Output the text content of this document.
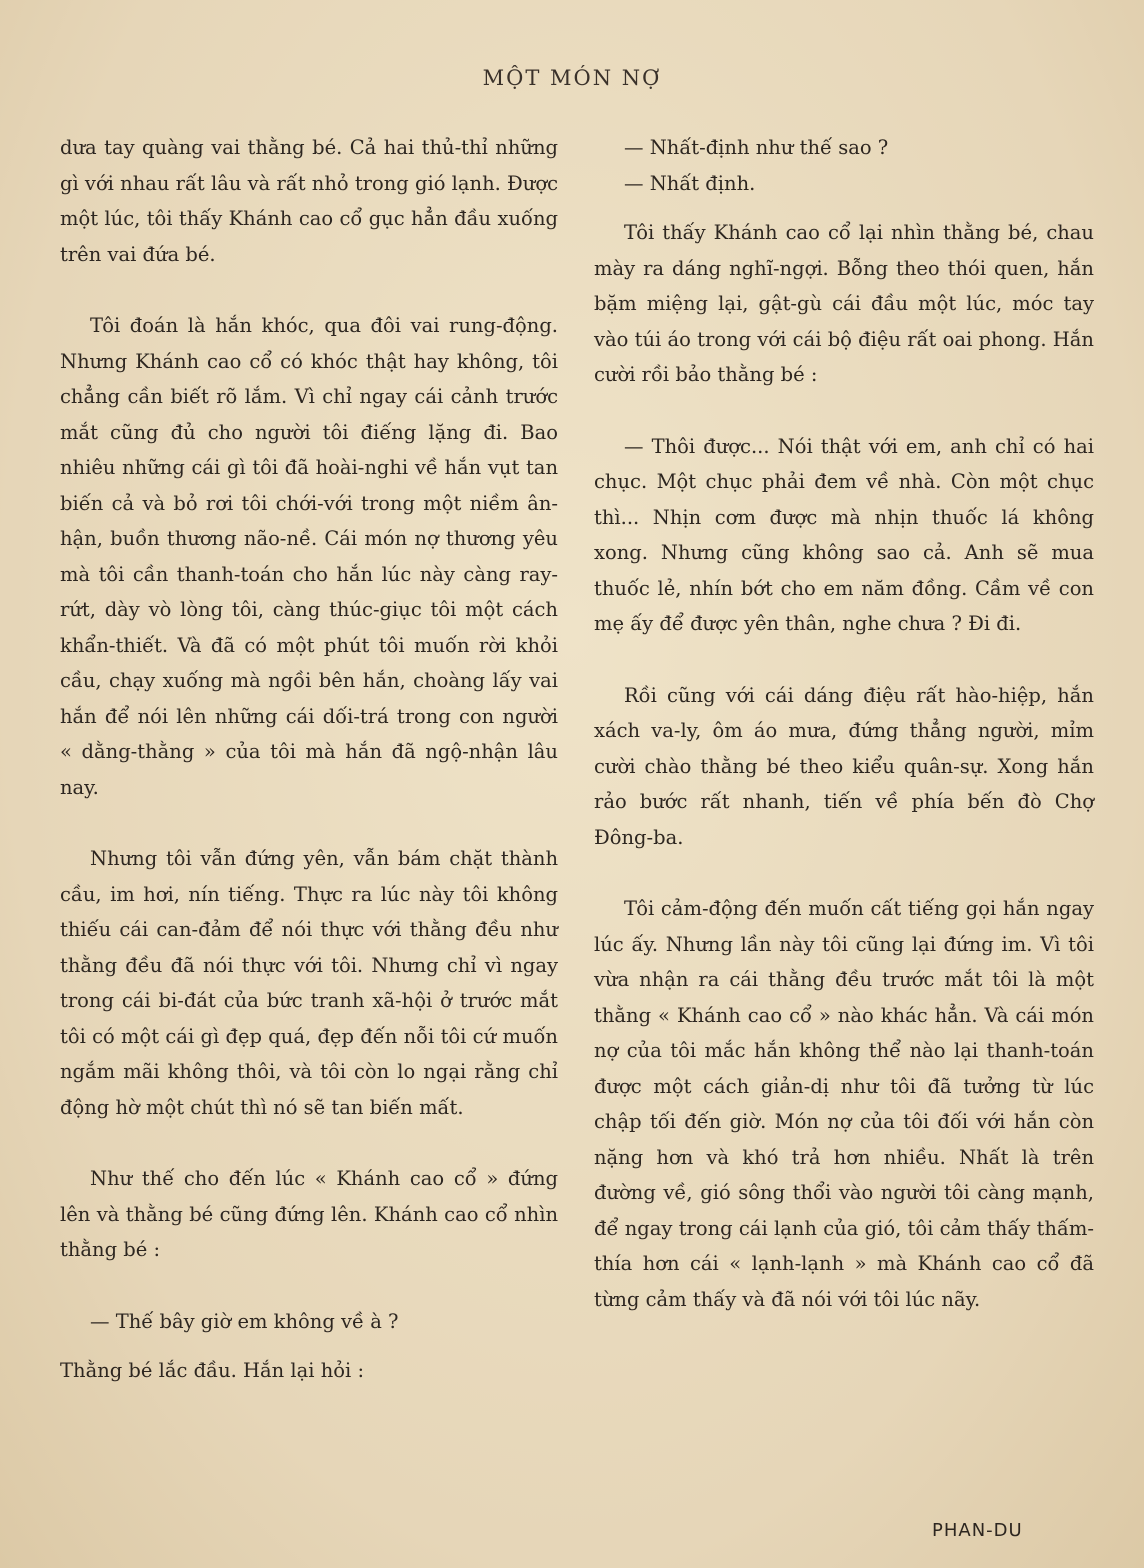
MỘT MÓN NỢ

dưa tay quàng vai thằng bé. Cả hai thủ-thỉ những gì với nhau rất lâu và rất nhỏ trong gió lạnh. Được một lúc, tôi thấy Khánh cao cổ gục hẳn đầu xuống trên vai đứa bé.

Tôi đoán là hắn khóc, qua đôi vai rung-động. Nhưng Khánh cao cổ có khóc thật hay không, tôi chẳng cần biết rõ lắm. Vì chỉ ngay cái cảnh trước mắt cũng đủ cho người tôi điếng lặng đi. Bao nhiêu những cái gì tôi đã hoài-nghi về hắn vụt tan biến cả và bỏ rơi tôi chới-với trong một niềm ân-hận, buồn thương não-nề. Cái món nợ thương yêu mà tôi cần thanh-toán cho hắn lúc này càng ray-rứt, dày vò lòng tôi, càng thúc-giục tôi một cách khẩn-thiết. Và đã có một phút tôi muốn rời khỏi cầu, chạy xuống mà ngồi bên hắn, choàng lấy vai hắn để nói lên những cái dối-trá trong con người « dằng-thằng » của tôi mà hắn đã ngộ-nhận lâu nay.

Nhưng tôi vẫn đứng yên, vẫn bám chặt thành cầu, im hơi, nín tiếng. Thực ra lúc này tôi không thiếu cái can-đảm để nói thực với thằng đều như thằng đều đã nói thực với tôi. Nhưng chỉ vì ngay trong cái bi-đát của bức tranh xã-hội ở trước mắt tôi có một cái gì đẹp quá, đẹp đến nỗi tôi cứ muốn ngắm mãi không thôi, và tôi còn lo ngại rằng chỉ động hờ một chút thì nó sẽ tan biến mất.

Như thế cho đến lúc « Khánh cao cổ » đứng lên và thằng bé cũng đứng lên. Khánh cao cổ nhìn thằng bé :

— Thế bây giờ em không về à ?

Thằng bé lắc đầu. Hắn lại hỏi :

— Nhất-định như thế sao ?

— Nhất định.

Tôi thấy Khánh cao cổ lại nhìn thằng bé, chau mày ra dáng nghĩ-ngợi. Bỗng theo thói quen, hắn bặm miệng lại, gật-gù cái đầu một lúc, móc tay vào túi áo trong với cái bộ điệu rất oai phong. Hắn cười rồi bảo thằng bé :

— Thôi được... Nói thật với em, anh chỉ có hai chục. Một chục phải đem về nhà. Còn một chục thì... Nhịn cơm được mà nhịn thuốc lá không xong. Nhưng cũng không sao cả. Anh sẽ mua thuốc lẻ, nhín bớt cho em năm đồng. Cầm về con mẹ ấy để được yên thân, nghe chưa ? Đi đi.

Rồi cũng với cái dáng điệu rất hào-hiệp, hắn xách va-ly, ôm áo mưa, đứng thẳng người, mỉm cười chào thằng bé theo kiểu quân-sự. Xong hắn rảo bước rất nhanh, tiến về phía bến đò Chợ Đông-ba.

Tôi cảm-động đến muốn cất tiếng gọi hắn ngay lúc ấy. Nhưng lần này tôi cũng lại đứng im. Vì tôi vừa nhận ra cái thằng đều trước mắt tôi là một thằng « Khánh cao cổ » nào khác hẳn. Và cái món nợ của tôi mắc hắn không thể nào lại thanh-toán được một cách giản-dị như tôi đã tưởng từ lúc chập tối đến giờ. Món nợ của tôi đối với hắn còn nặng hơn và khó trả hơn nhiều. Nhất là trên đường về, gió sông thổi vào người tôi càng mạnh, để ngay trong cái lạnh của gió, tôi cảm thấy thấm-thía hơn cái « lạnh-lạnh » mà Khánh cao cổ đã từng cảm thấy và đã nói với tôi lúc nãy.

PHAN-DU
